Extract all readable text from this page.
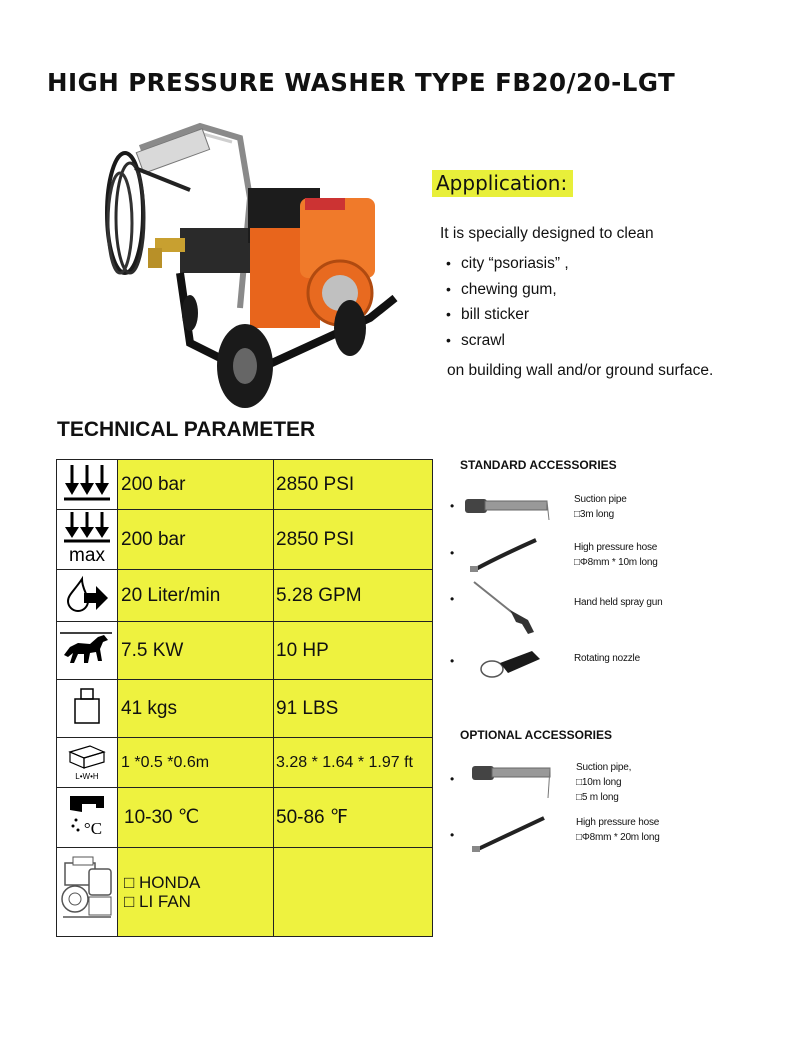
HIGH PRESSURE WASHER TYPE FB20/20-LGT
Appplication:
It is specially designed to clean
• city “psoriasis” ,
• chewing gum,
• bill sticker
• scrawl
on building wall and/or ground surface.
TECHNICAL PARAMETER
	200 bar	2850 PSI

max	200 bar	2850 PSI
	20 Liter/min	5.28 GPM
	7.5 KW	10 HP
	41 kgs	91 LBS

L•W•H	1 *0.5 *0.6m	3.28 * 1.64 * 1.97 ft

°C	10-30 ℃	50-86 ℉

□ HONDA
□ LI FAN	

STANDARD ACCESSORIES
•	Suction pipe
□3m long
•	High pressure hose
□Φ8mm * 10m long
•	Hand held spray gun
•	Rotating nozzle
OPTIONAL ACCESSORIES
•
Suction pipe,
□10m long
□5 m long
•
High pressure hose
□Φ8mm * 20m long
